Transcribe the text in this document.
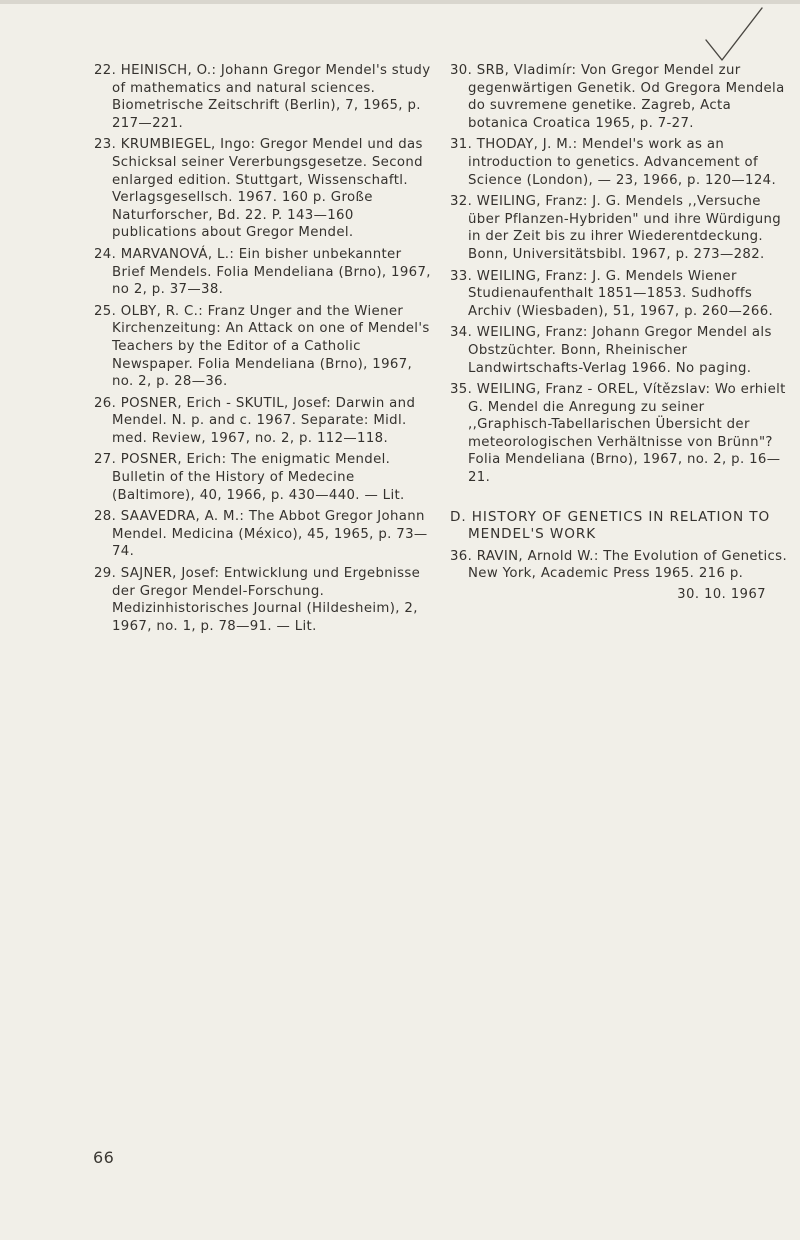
22. HEINISCH, O.: Johann Gregor Mendel's study of mathematics and natural sciences. Biometrische Zeitschrift (Berlin), 7, 1965, p. 217—221.
23. KRUMBIEGEL, Ingo: Gregor Mendel und das Schicksal seiner Vererbungsgesetze. Second enlarged edition. Stuttgart, Wissenschaftl. Verlagsgesellsch. 1967. 160 p. Große Naturforscher, Bd. 22. P. 143—160 publications about Gregor Mendel.
24. MARVANOVÁ, L.: Ein bisher unbekannter Brief Mendels. Folia Mendeliana (Brno), 1967, no 2, p. 37—38.
25. OLBY, R. C.: Franz Unger and the Wiener Kirchenzeitung: An Attack on one of Mendel's Teachers by the Editor of a Catholic Newspaper. Folia Mendeliana (Brno), 1967, no. 2, p. 28—36.
26. POSNER, Erich - SKUTIL, Josef: Darwin and Mendel. N. p. and c. 1967. Separate: Midl. med. Review, 1967, no. 2, p. 112—118.
27. POSNER, Erich: The enigmatic Mendel. Bulletin of the History of Medecine (Baltimore), 40, 1966, p. 430—440. — Lit.
28. SAAVEDRA, A. M.: The Abbot Gregor Johann Mendel. Medicina (México), 45, 1965, p. 73—74.
29. SAJNER, Josef: Entwicklung und Ergebnisse der Gregor Mendel-Forschung. Medizinhistorisches Journal (Hildesheim), 2, 1967, no. 1, p. 78—91. — Lit.
30. SRB, Vladimír: Von Gregor Mendel zur gegenwärtigen Genetik. Od Gregora Mendela do suvremene genetike. Zagreb, Acta botanica Croatica 1965, p. 7-27.
31. THODAY, J. M.: Mendel's work as an introduction to genetics. Advancement of Science (London), — 23, 1966, p. 120—124.
32. WEILING, Franz: J. G. Mendels ,,Versuche über Pflanzen-Hybriden" und ihre Würdigung in der Zeit bis zu ihrer Wiederentdeckung. Bonn, Universitätsbibl. 1967, p. 273—282.
33. WEILING, Franz: J. G. Mendels Wiener Studienaufenthalt 1851—1853. Sudhoffs Archiv (Wiesbaden), 51, 1967, p. 260—266.
34. WEILING, Franz: Johann Gregor Mendel als Obstzüchter. Bonn, Rheinischer Landwirtschafts-Verlag 1966. No paging.
35. WEILING, Franz - OREL, Vítězslav: Wo erhielt G. Mendel die Anregung zu seiner ,,Graphisch-Tabellarischen Übersicht der meteorologischen Verhältnisse von Brünn"? Folia Mendeliana (Brno), 1967, no. 2, p. 16—21.
D. HISTORY OF GENETICS IN RELATION TO MENDEL'S WORK
36. RAVIN, Arnold W.: The Evolution of Genetics. New York, Academic Press 1965. 216 p.
30. 10. 1967
66
